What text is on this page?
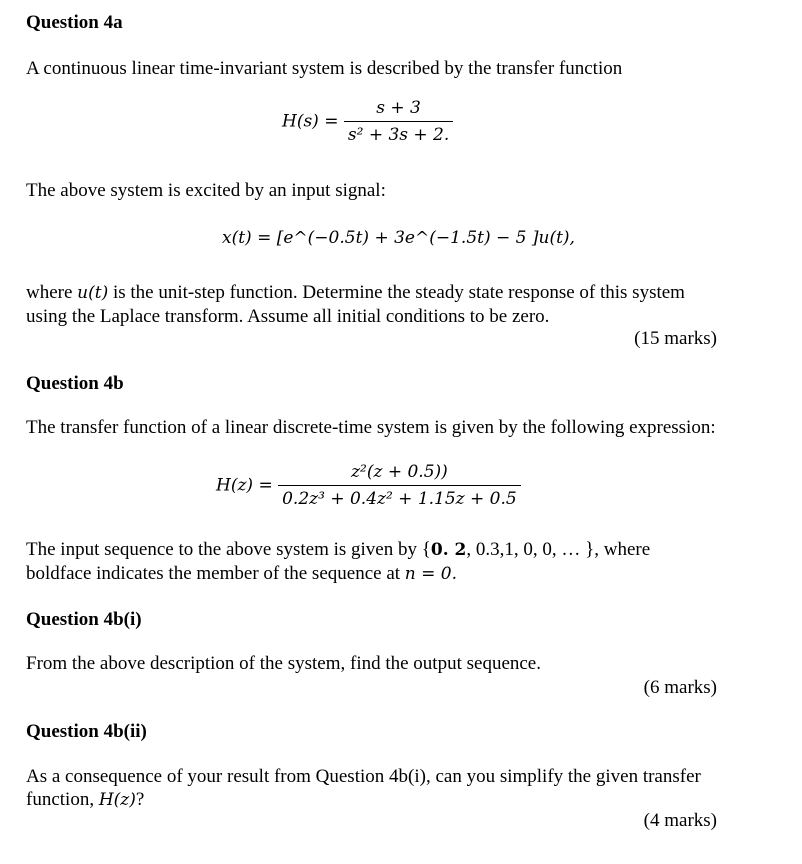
Question 4a
A continuous linear time-invariant system is described by the transfer function
$H(s) = \frac{s + 3}{\text{s² + 3s + 2.}}$
The above system is excited by an input signal:
x(t) = [e^(−0.5t) + 3e^(−1.5t) − 5 ]u(t),
where u(t) is the unit-step function. Determine the steady state response of this system using the Laplace transform. Assume all initial conditions to be zero.
(15 marks)
Question 4b
The transfer function of a linear discrete-time system is given by the following expression:
$H(z) = \frac{\text{z²(z + 0.5))}}{\text{0.2z³ + 0.4z² + 1.15z + 0.5}}$
The input sequence to the above system is given by {0. 2, 0.3,1, 0, 0, … }, where boldface indicates the member of the sequence at n = 0.
Question 4b(i)
From the above description of the system, find the output sequence.
(6 marks)
Question 4b(ii)
As a consequence of your result from Question 4b(i), can you simplify the given transfer function, H(z)?
(4 marks)
